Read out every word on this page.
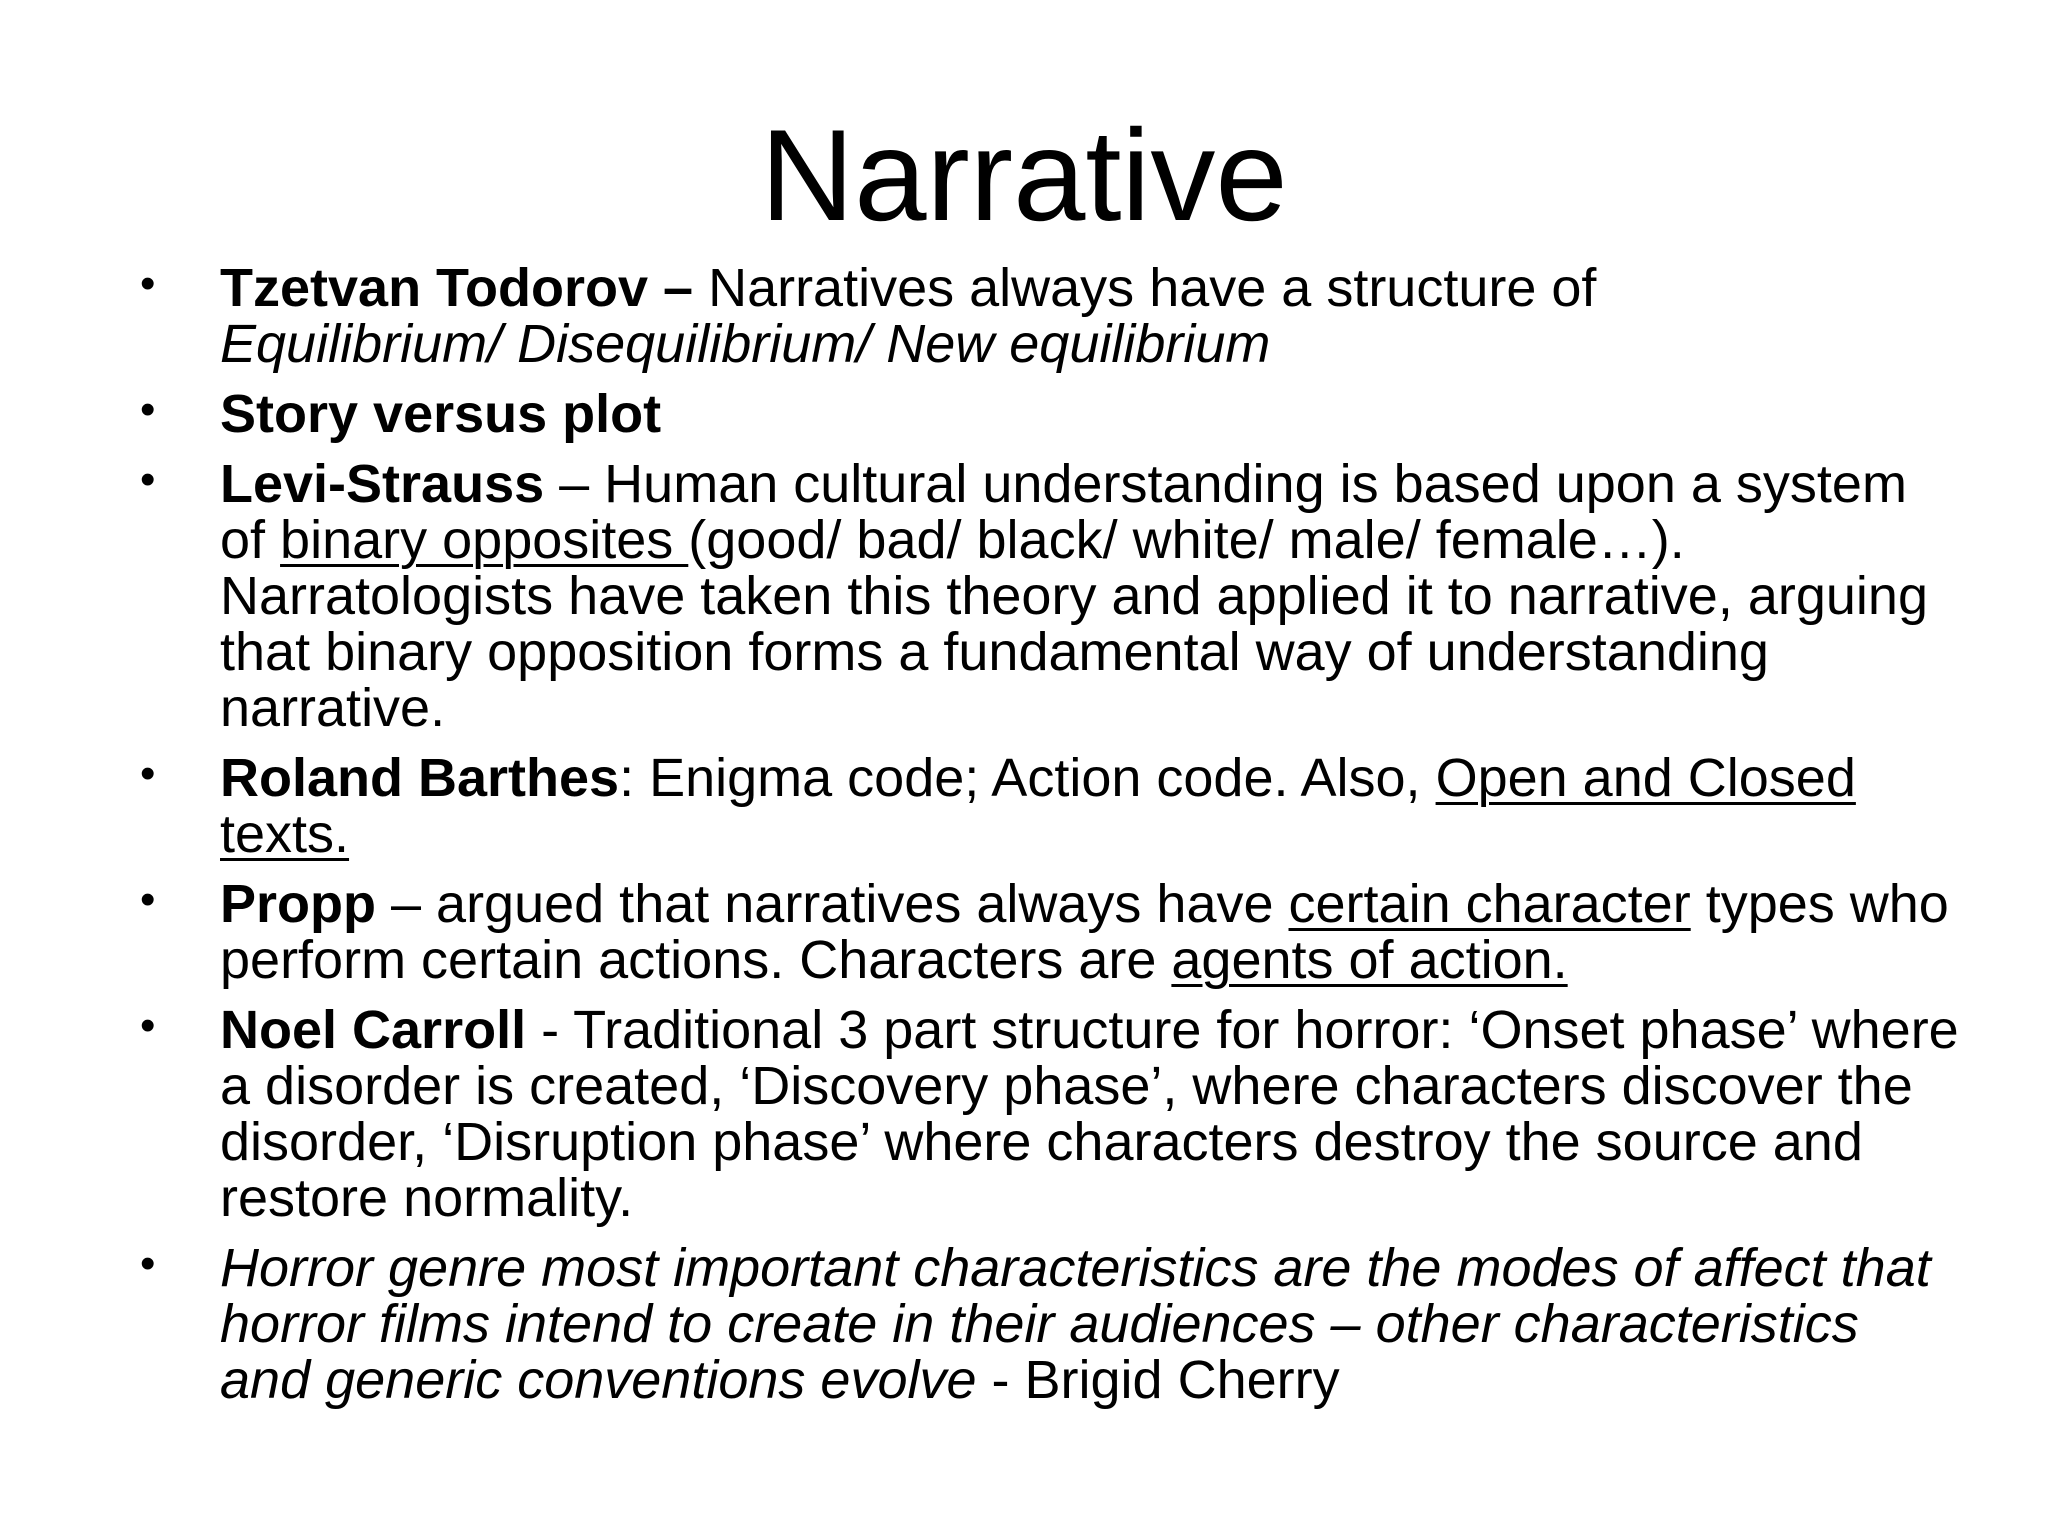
Narrative
• Tzetvan Todorov – Narratives always have a structure of
Equilibrium/ Disequilibrium/ New equilibrium
• Story versus plot
• Levi-Strauss – Human cultural understanding is based upon a system of binary opposites (good/ bad/ black/ white/ male/ female…). Narratologists have taken this theory and applied it to narrative, arguing that binary opposition forms a fundamental way of understanding narrative.
• Roland Barthes: Enigma code; Action code. Also, Open and Closed texts.
• Propp – argued that narratives always have certain character types who perform certain actions. Characters are agents of action.
• Noel Carroll - Traditional 3 part structure for horror: ‘Onset phase’ where a disorder is created, ‘Discovery phase’, where characters discover the disorder, ‘Disruption phase’ where characters destroy the source and restore normality.
• Horror genre most important characteristics are the modes of affect that horror films intend to create in their audiences – other characteristics and generic conventions evolve - Brigid Cherry
